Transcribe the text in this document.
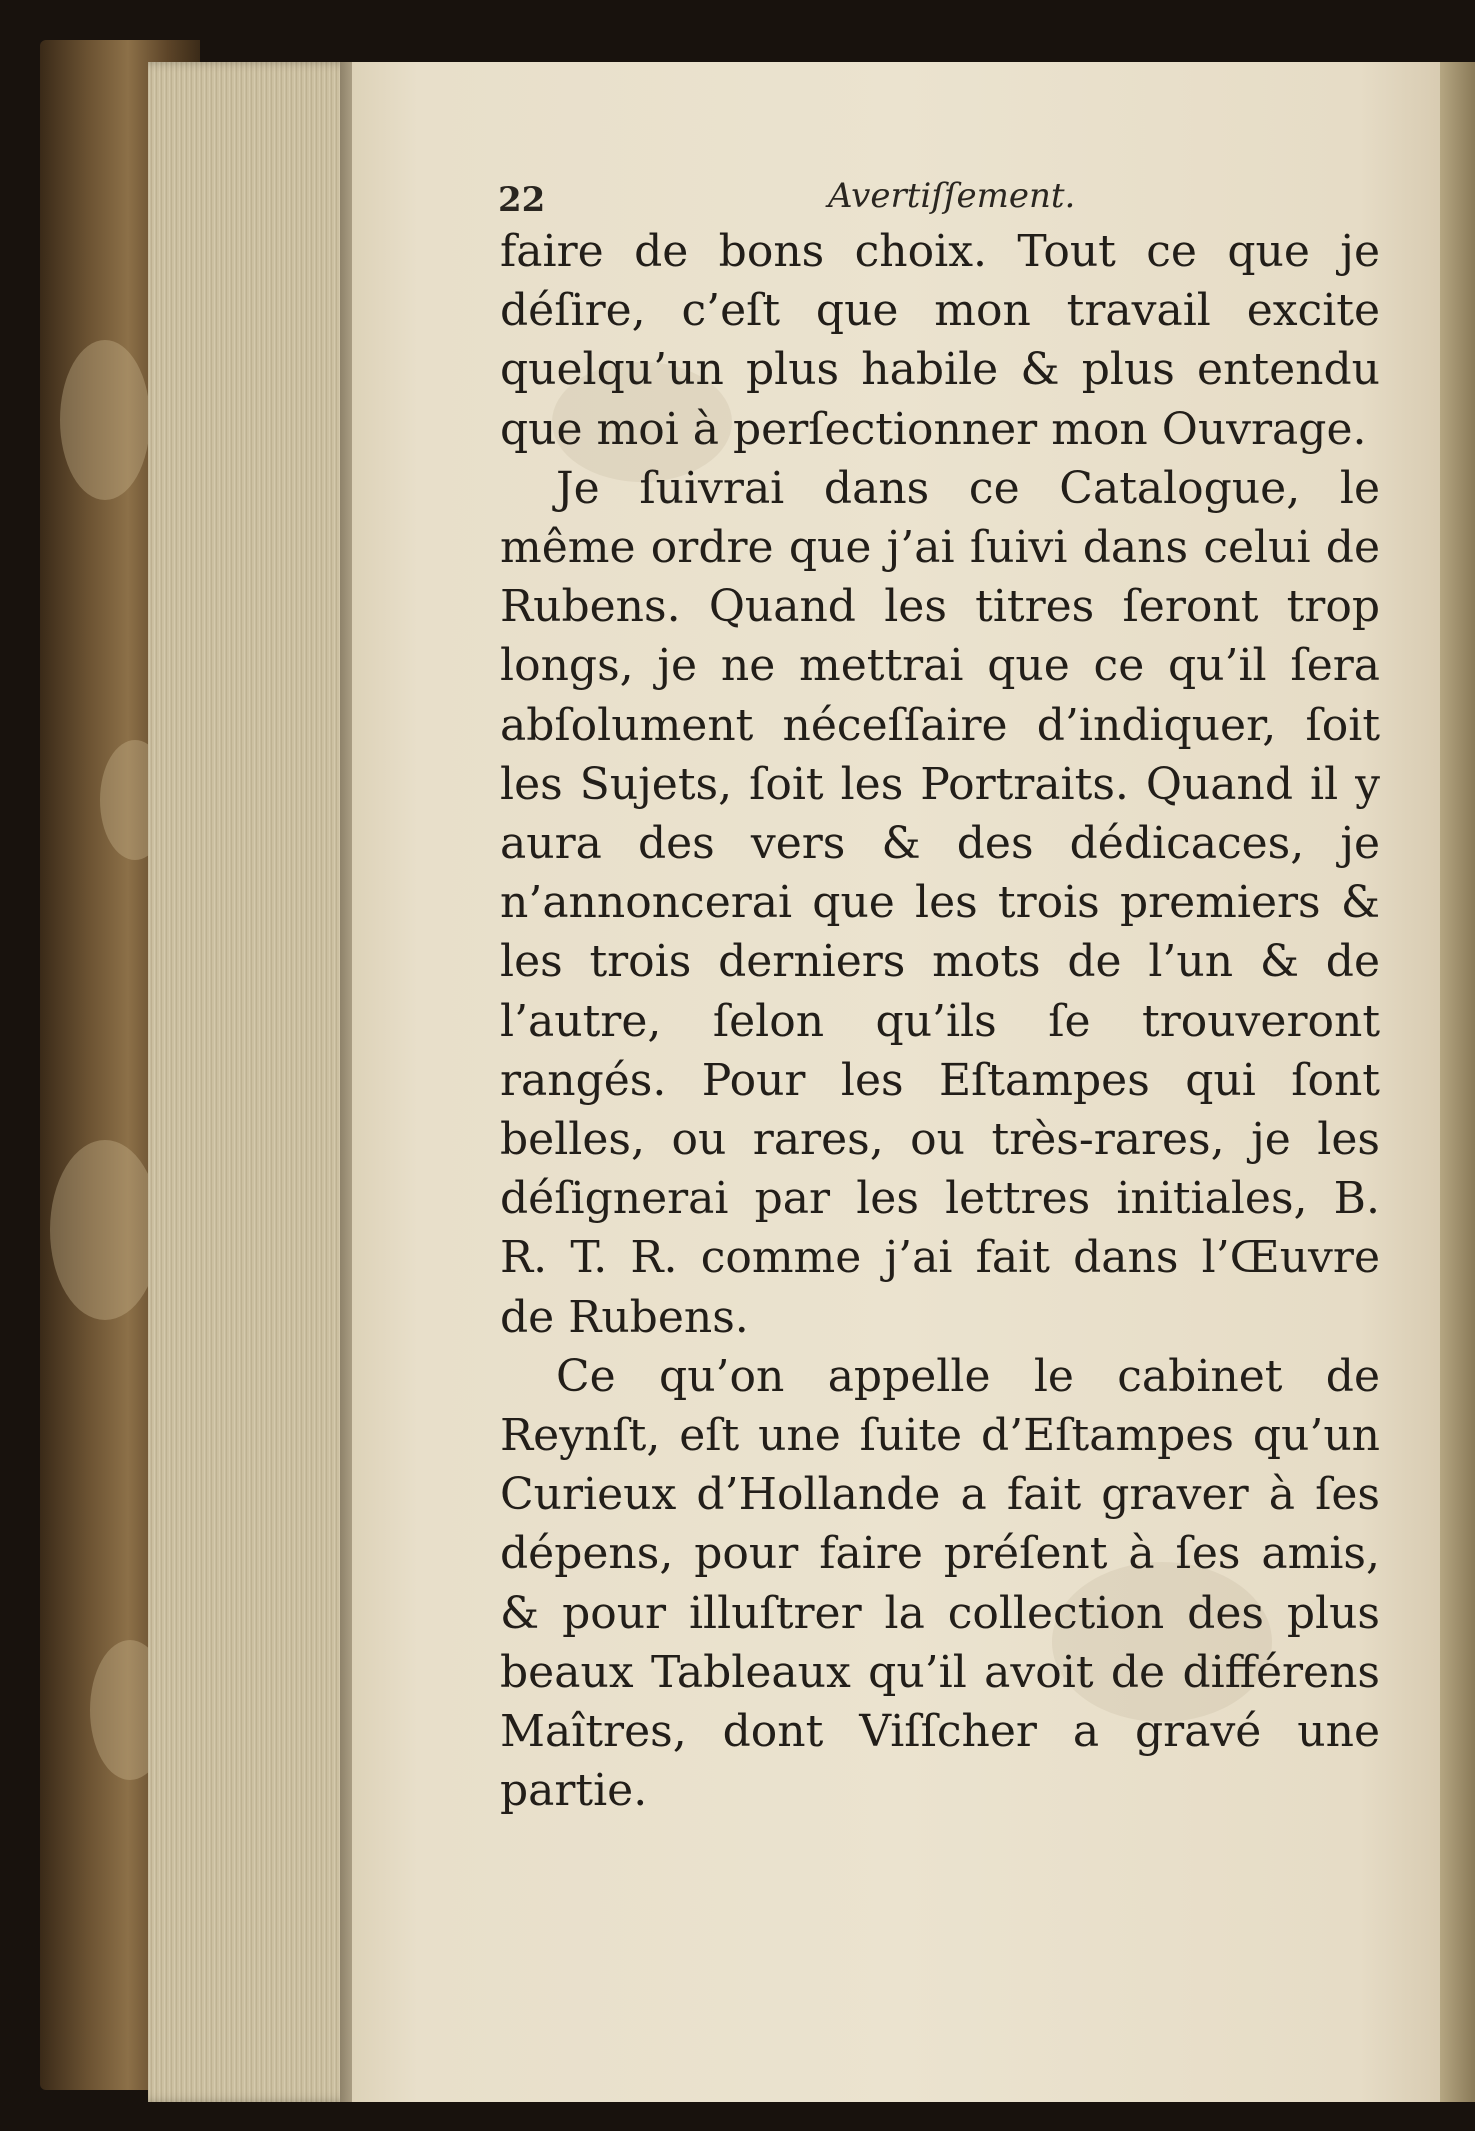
22	Avertiſſement.

faire de bons choix. Tout ce que je déſire, c’eſt que mon travail excite quelqu’un plus habile & plus entendu que moi à perſectionner mon Ouvrage.

Je ſuivrai dans ce Catalogue, le même ordre que j’ai ſuivi dans celui de Rubens. Quand les titres ſeront trop longs, je ne mettrai que ce qu’il ſera abſolument néceſſaire d’indiquer, ſoit les Sujets, ſoit les Portraits. Quand il y aura des vers & des dédicaces, je n’annoncerai que les trois premiers & les trois derniers mots de l’un & de l’autre, ſelon qu’ils ſe trouveront rangés. Pour les Eſtampes qui ſont belles, ou rares, ou très-rares, je les déſignerai par les lettres initiales, B. R. T. R. comme j’ai fait dans l’Œuvre de Rubens.

Ce qu’on appelle le cabinet de Reynſt, eſt une ſuite d’Eſtampes qu’un Curieux d’Hollande a fait graver à ſes dépens, pour faire préſent à ſes amis, & pour illuſtrer la collection des plus beaux Tableaux qu’il avoit de différens Maîtres, dont Viſſcher a gravé une partie.
